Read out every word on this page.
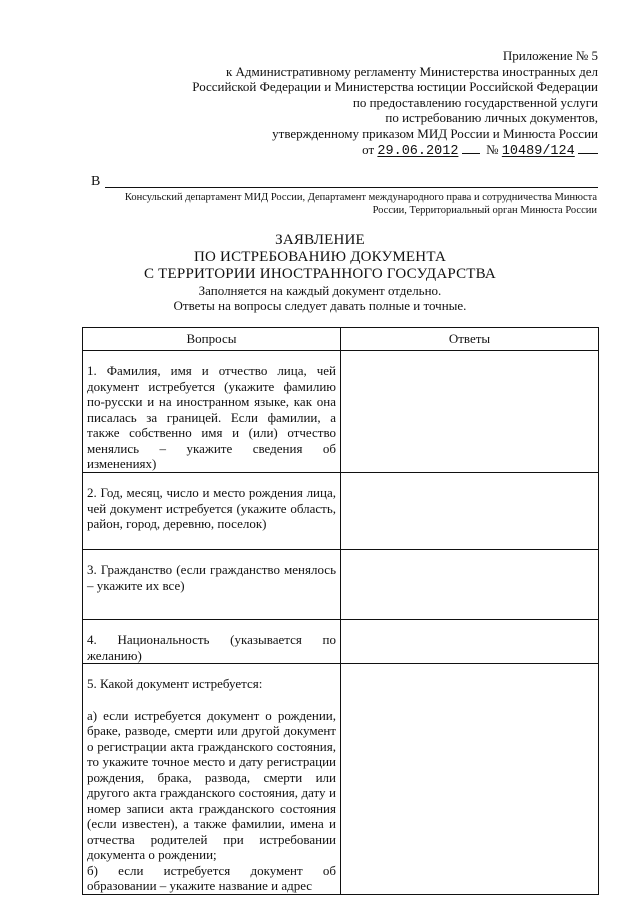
Приложение № 5
к Административному регламенту Министерства иностранных дел
Российской Федерации и Министерства юстиции Российской Федерации
по предоставлению государственной услуги
по истребованию личных документов,
утвержденному приказом МИД России и Минюста России
от 29.06.2012 № 10489/124
В
Консульский департамент МИД России, Департамент международного права и сотрудничества Минюста
России, Территориальный орган Минюста России
ЗАЯВЛЕНИЕ
ПО ИСТРЕБОВАНИЮ ДОКУМЕНТА
С ТЕРРИТОРИИ ИНОСТРАННОГО ГОСУДАРСТВА
Заполняется на каждый документ отдельно.
Ответы на вопросы следует давать полные и точные.
Вопросы	Ответы
1. Фамилия, имя и отчество лица, чей документ истребуется (укажите фамилию по-русски и на иностранном языке, как она писалась за границей. Если фамилии, а также собственно имя и (или) отчество менялись – укажите сведения об изменениях)	
2. Год, месяц, число и место рождения лица, чей документ истребуется (укажите область, район, город, деревню, поселок)	
3. Гражданство (если гражданство менялось – укажите их все)	
4. Национальность (указывается по желанию)	

5. Какой документ истребуется:

а) если истребуется документ о рождении, браке, разводе, смерти или другой документ о регистрации акта гражданского состояния, то укажите точное место и дату регистрации рождения, брака, развода, смерти или другого акта гражданского состояния, дату и номер записи акта гражданского состояния (если известен), а также фамилии, имена и отчества родителей при истребовании документа о рождении;

б) если истребуется документ об образовании – укажите название и адрес	
